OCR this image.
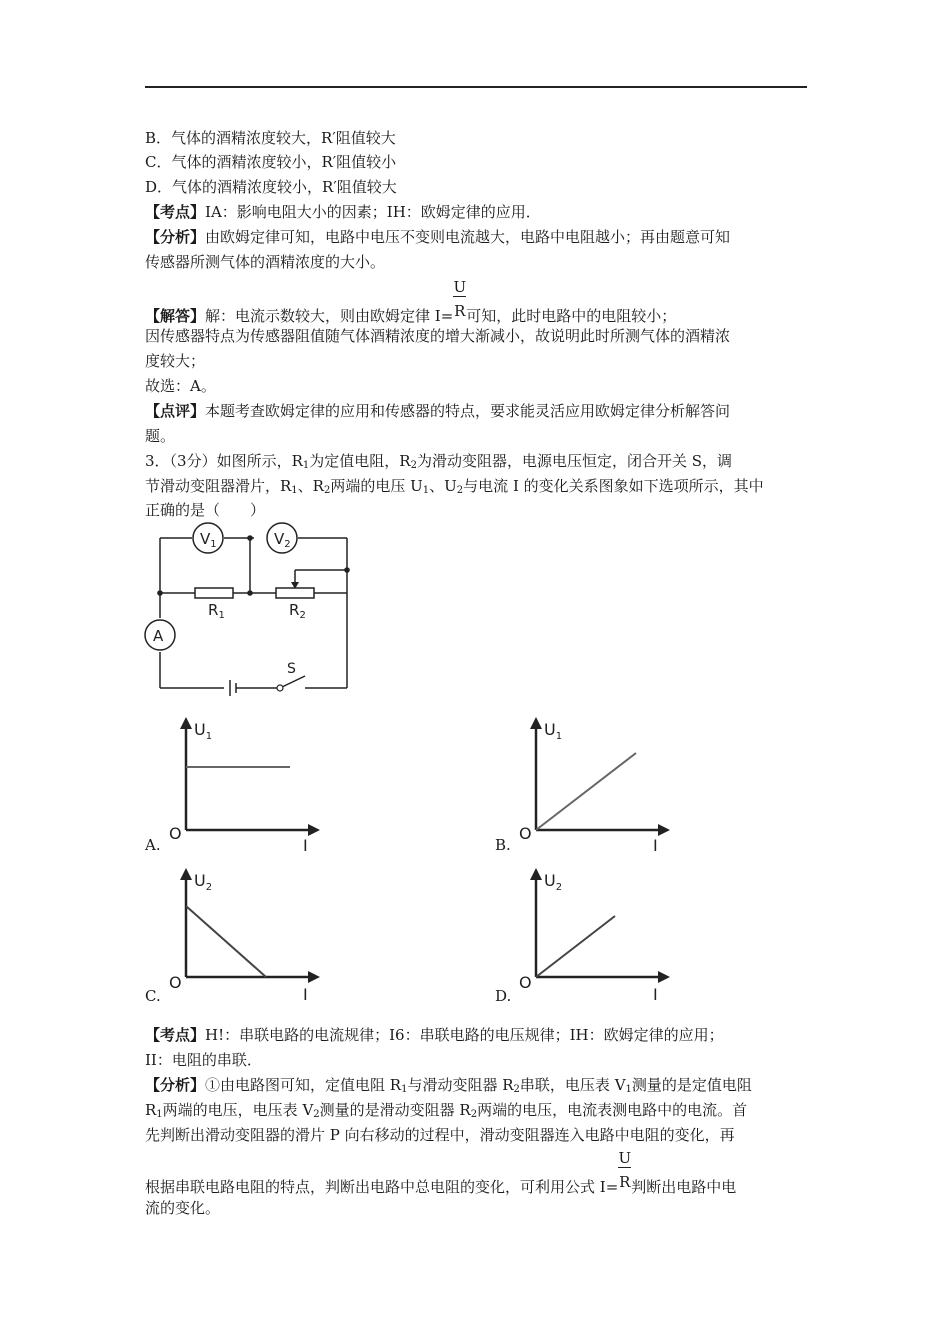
B．气体的酒精浓度较大，R′阻值较大
C．气体的酒精浓度较小，R′阻值较小
D．气体的酒精浓度较小，R′阻值较大
【考点】IA：影响电阻大小的因素；IH：欧姆定律的应用．
【分析】由欧姆定律可知，电路中电压不变则电流越大，电路中电阻越小；再由题意可知
传感器所测气体的酒精浓度的大小。
【解答】解：电流示数较大，则由欧姆定律 $I= \frac{U}{R}$ 可知，此时电路中的电阻较小；
因传感器特点为传感器阻值随气体酒精浓度的增大渐减小，故说明此时所测气体的酒精浓
度较大；
故选：A。
【点评】本题考查欧姆定律的应用和传感器的特点，要求能灵活应用欧姆定律分析解答问
题。
3．（3分）如图所示，$R_1$为定值电阻，$R_2$为滑动变阻器，电源电压恒定，闭合开关 S，调
节滑动变阻器滑片，$R_1$、$R_2$两端的电压 $U_1$、$U_2$与电流 I 的变化关系图象如下选项所示，其中
正确的是（　　）
$V_1$	$V_2$
A
$R_1$	$R_2$
S
A.
$U_1$
O
I	B.
$U_1$
O
I
C.
$U_2$
O
I	D.
$U_2$
O
I
【考点】H!：串联电路的电流规律；I6：串联电路的电压规律；IH：欧姆定律的应用；
II：电阻的串联．
【分析】①由电路图可知，定值电阻 $R_1$与滑动变阻器 $R_2$串联，电压表 $V_1$测量的是定值电阻
$R_1$两端的电压，电压表 $V_2$测量的是滑动变阻器 $R_2$两端的电压，电流表测电路中的电流。首
先判断出滑动变阻器的滑片 P 向右移动的过程中，滑动变阻器连入电路中电阻的变化，再
根据串联电路电阻的特点，判断出电路中总电阻的变化，可利用公式 $I= \frac{U}{R}$ 判断出电路中电
流的变化。
